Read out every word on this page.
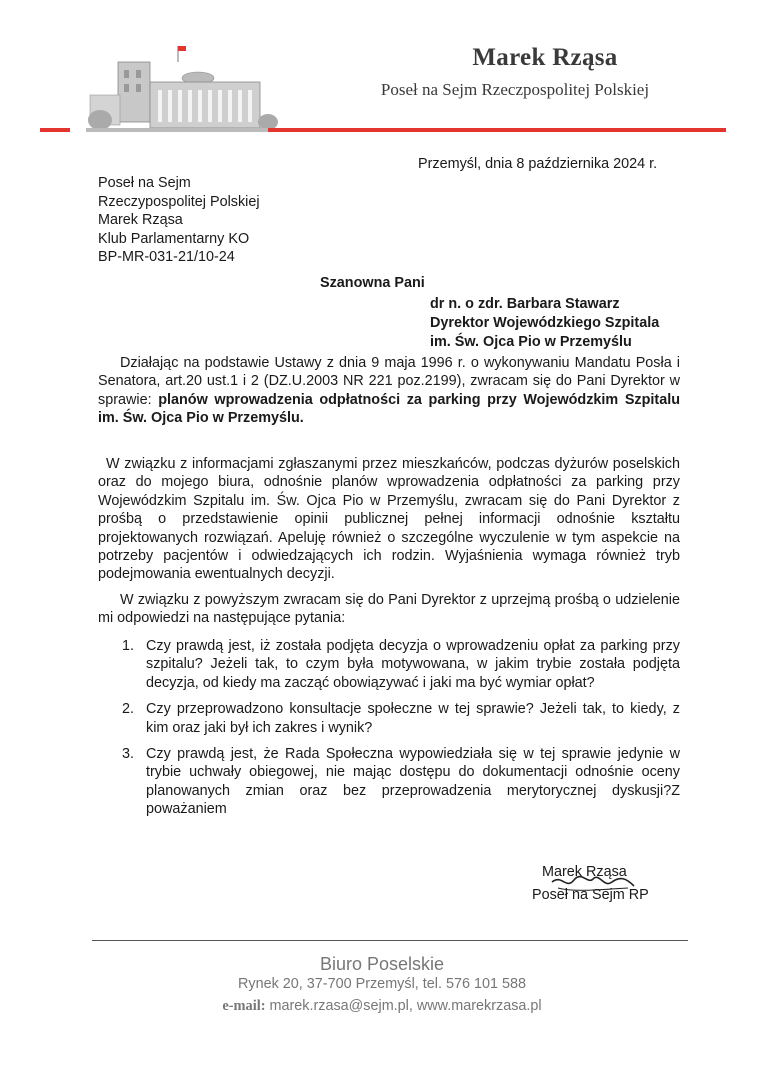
Marek Rząsa
Poseł na Sejm Rzeczpospolitej Polskiej
Przemyśl, dnia 8 października 2024 r.
Poseł na Sejm
Rzeczypospolitej Polskiej
Marek Rząsa
Klub Parlamentarny KO
BP-MR-031-21/10-24
Szanowna Pani
dr n. o zdr. Barbara Stawarz
Dyrektor Wojewódzkiego Szpitala
im. Św. Ojca Pio w Przemyślu
Działając na podstawie Ustawy z dnia 9 maja 1996 r. o wykonywaniu Mandatu Posła i Senatora, art.20 ust.1 i 2 (DZ.U.2003 NR 221 poz.2199), zwracam się do Pani Dyrektor w sprawie: planów wprowadzenia odpłatności za parking przy Wojewódzkim Szpitalu im. Św. Ojca Pio w Przemyślu.
W związku z informacjami zgłaszanymi przez mieszkańców, podczas dyżurów poselskich oraz do mojego biura, odnośnie planów wprowadzenia odpłatności za parking przy Wojewódzkim Szpitalu im. Św. Ojca Pio w Przemyślu, zwracam się do Pani Dyrektor z prośbą o przedstawienie opinii publicznej pełnej informacji odnośnie kształtu projektowanych rozwiązań. Apeluję również o szczególne wyczulenie w tym aspekcie na potrzeby pacjentów i odwiedzających ich rodzin. Wyjaśnienia wymaga również tryb podejmowania ewentualnych decyzji.
W związku z powyższym zwracam się do Pani Dyrektor z uprzejmą prośbą o udzielenie mi odpowiedzi na następujące pytania:
1. Czy prawdą jest, iż została podjęta decyzja o wprowadzeniu opłat za parking przy szpitalu? Jeżeli tak, to czym była motywowana, w jakim trybie została podjęta decyzja, od kiedy ma zacząć obowiązywać i jaki ma być wymiar opłat?
2. Czy przeprowadzono konsultacje społeczne w tej sprawie? Jeżeli tak, to kiedy, z kim oraz jaki był ich zakres i wynik?
3. Czy prawdą jest, że Rada Społeczna wypowiedziała się w tej sprawie jedynie w trybie uchwały obiegowej, nie mając dostępu do dokumentacji odnośnie oceny planowanych zmian oraz bez przeprowadzenia merytorycznej dyskusji?Z poważaniem
Marek Rząsa
Poseł na Sejm RP
Biuro Poselskie
Rynek 20, 37-700 Przemyśl, tel. 576 101 588
e-mail: marek.rzasa@sejm.pl, www.marekrzasa.pl
